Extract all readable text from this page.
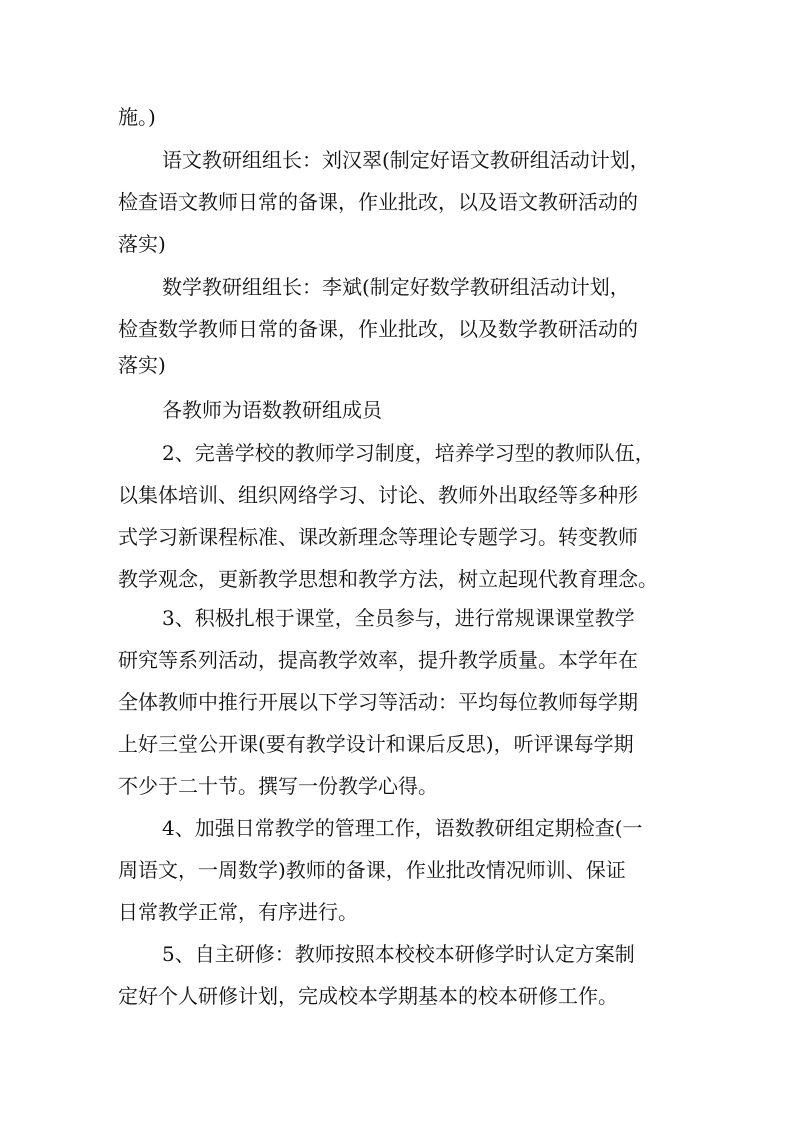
施。)
语文教研组组长：刘汉翠(制定好语文教研组活动计划，
检查语文教师日常的备课，作业批改，以及语文教研活动的
落实)
数学教研组组长：李斌(制定好数学教研组活动计划，
检查数学教师日常的备课，作业批改，以及数学教研活动的
落实)
各教师为语数教研组成员
2、完善学校的教师学习制度，培养学习型的教师队伍，
以集体培训、组织网络学习、讨论、教师外出取经等多种形
式学习新课程标准、课改新理念等理论专题学习。转变教师
教学观念，更新教学思想和教学方法，树立起现代教育理念。
3、积极扎根于课堂，全员参与，进行常规课课堂教学
研究等系列活动，提高教学效率，提升教学质量。本学年在
全体教师中推行开展以下学习等活动：平均每位教师每学期
上好三堂公开课(要有教学设计和课后反思)，听评课每学期
不少于二十节。撰写一份教学心得。
4、加强日常教学的管理工作，语数教研组定期检查(一
周语文，一周数学)教师的备课，作业批改情况师训、保证
日常教学正常，有序进行。
5、自主研修：教师按照本校校本研修学时认定方案制
定好个人研修计划，完成校本学期基本的校本研修工作。
